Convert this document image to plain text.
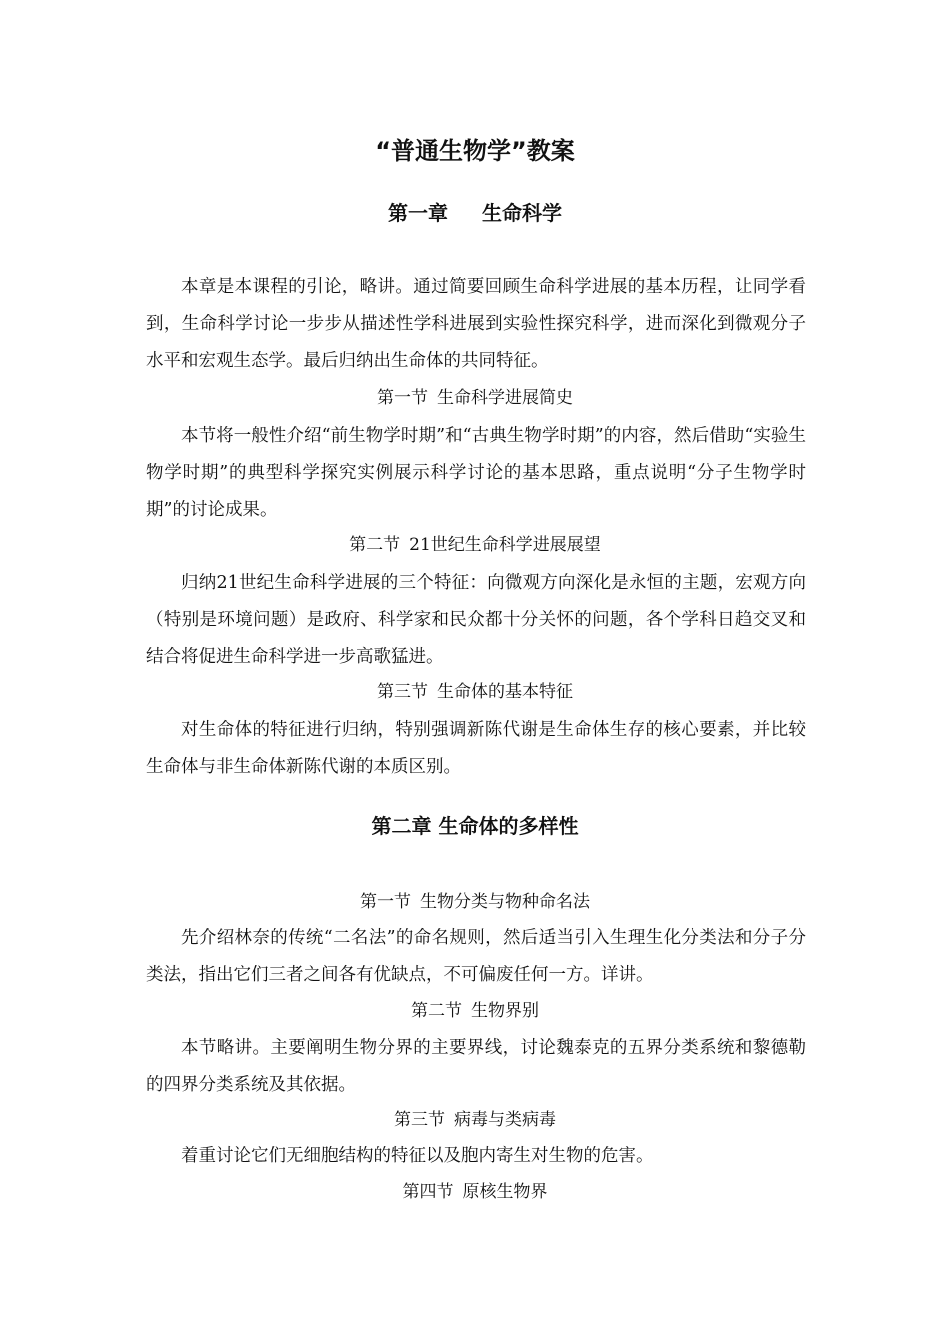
“普通生物学”教案
第一章 生命科学

本章是本课程的引论，略讲。通过简要回顾生命科学进展的基本历程，让同学看到，生命科学讨论一步步从描述性学科进展到实验性探究科学，进而深化到微观分子水平和宏观生态学。最后归纳出生命体的共同特征。

第一节 生命科学进展简史

本节将一般性介绍“前生物学时期”和“古典生物学时期”的内容，然后借助“实验生物学时期”的典型科学探究实例展示科学讨论的基本思路，重点说明“分子生物学时期”的讨论成果。

第二节 21世纪生命科学进展展望

归纳21世纪生命科学进展的三个特征：向微观方向深化是永恒的主题，宏观方向（特别是环境问题）是政府、科学家和民众都十分关怀的问题，各个学科日趋交叉和结合将促进生命科学进一步高歌猛进。

第三节 生命体的基本特征

对生命体的特征进行归纳，特别强调新陈代谢是生命体生存的核心要素，并比较生命体与非生命体新陈代谢的本质区别。

第二章 生命体的多样性
第一节 生物分类与物种命名法

先介绍林奈的传统“二名法”的命名规则，然后适当引入生理生化分类法和分子分类法，指出它们三者之间各有优缺点，不可偏废任何一方。详讲。

第二节 生物界别

本节略讲。主要阐明生物分界的主要界线，讨论魏泰克的五界分类系统和黎德勒的四界分类系统及其依据。

第三节 病毒与类病毒

着重讨论它们无细胞结构的特征以及胞内寄生对生物的危害。

第四节 原核生物界
